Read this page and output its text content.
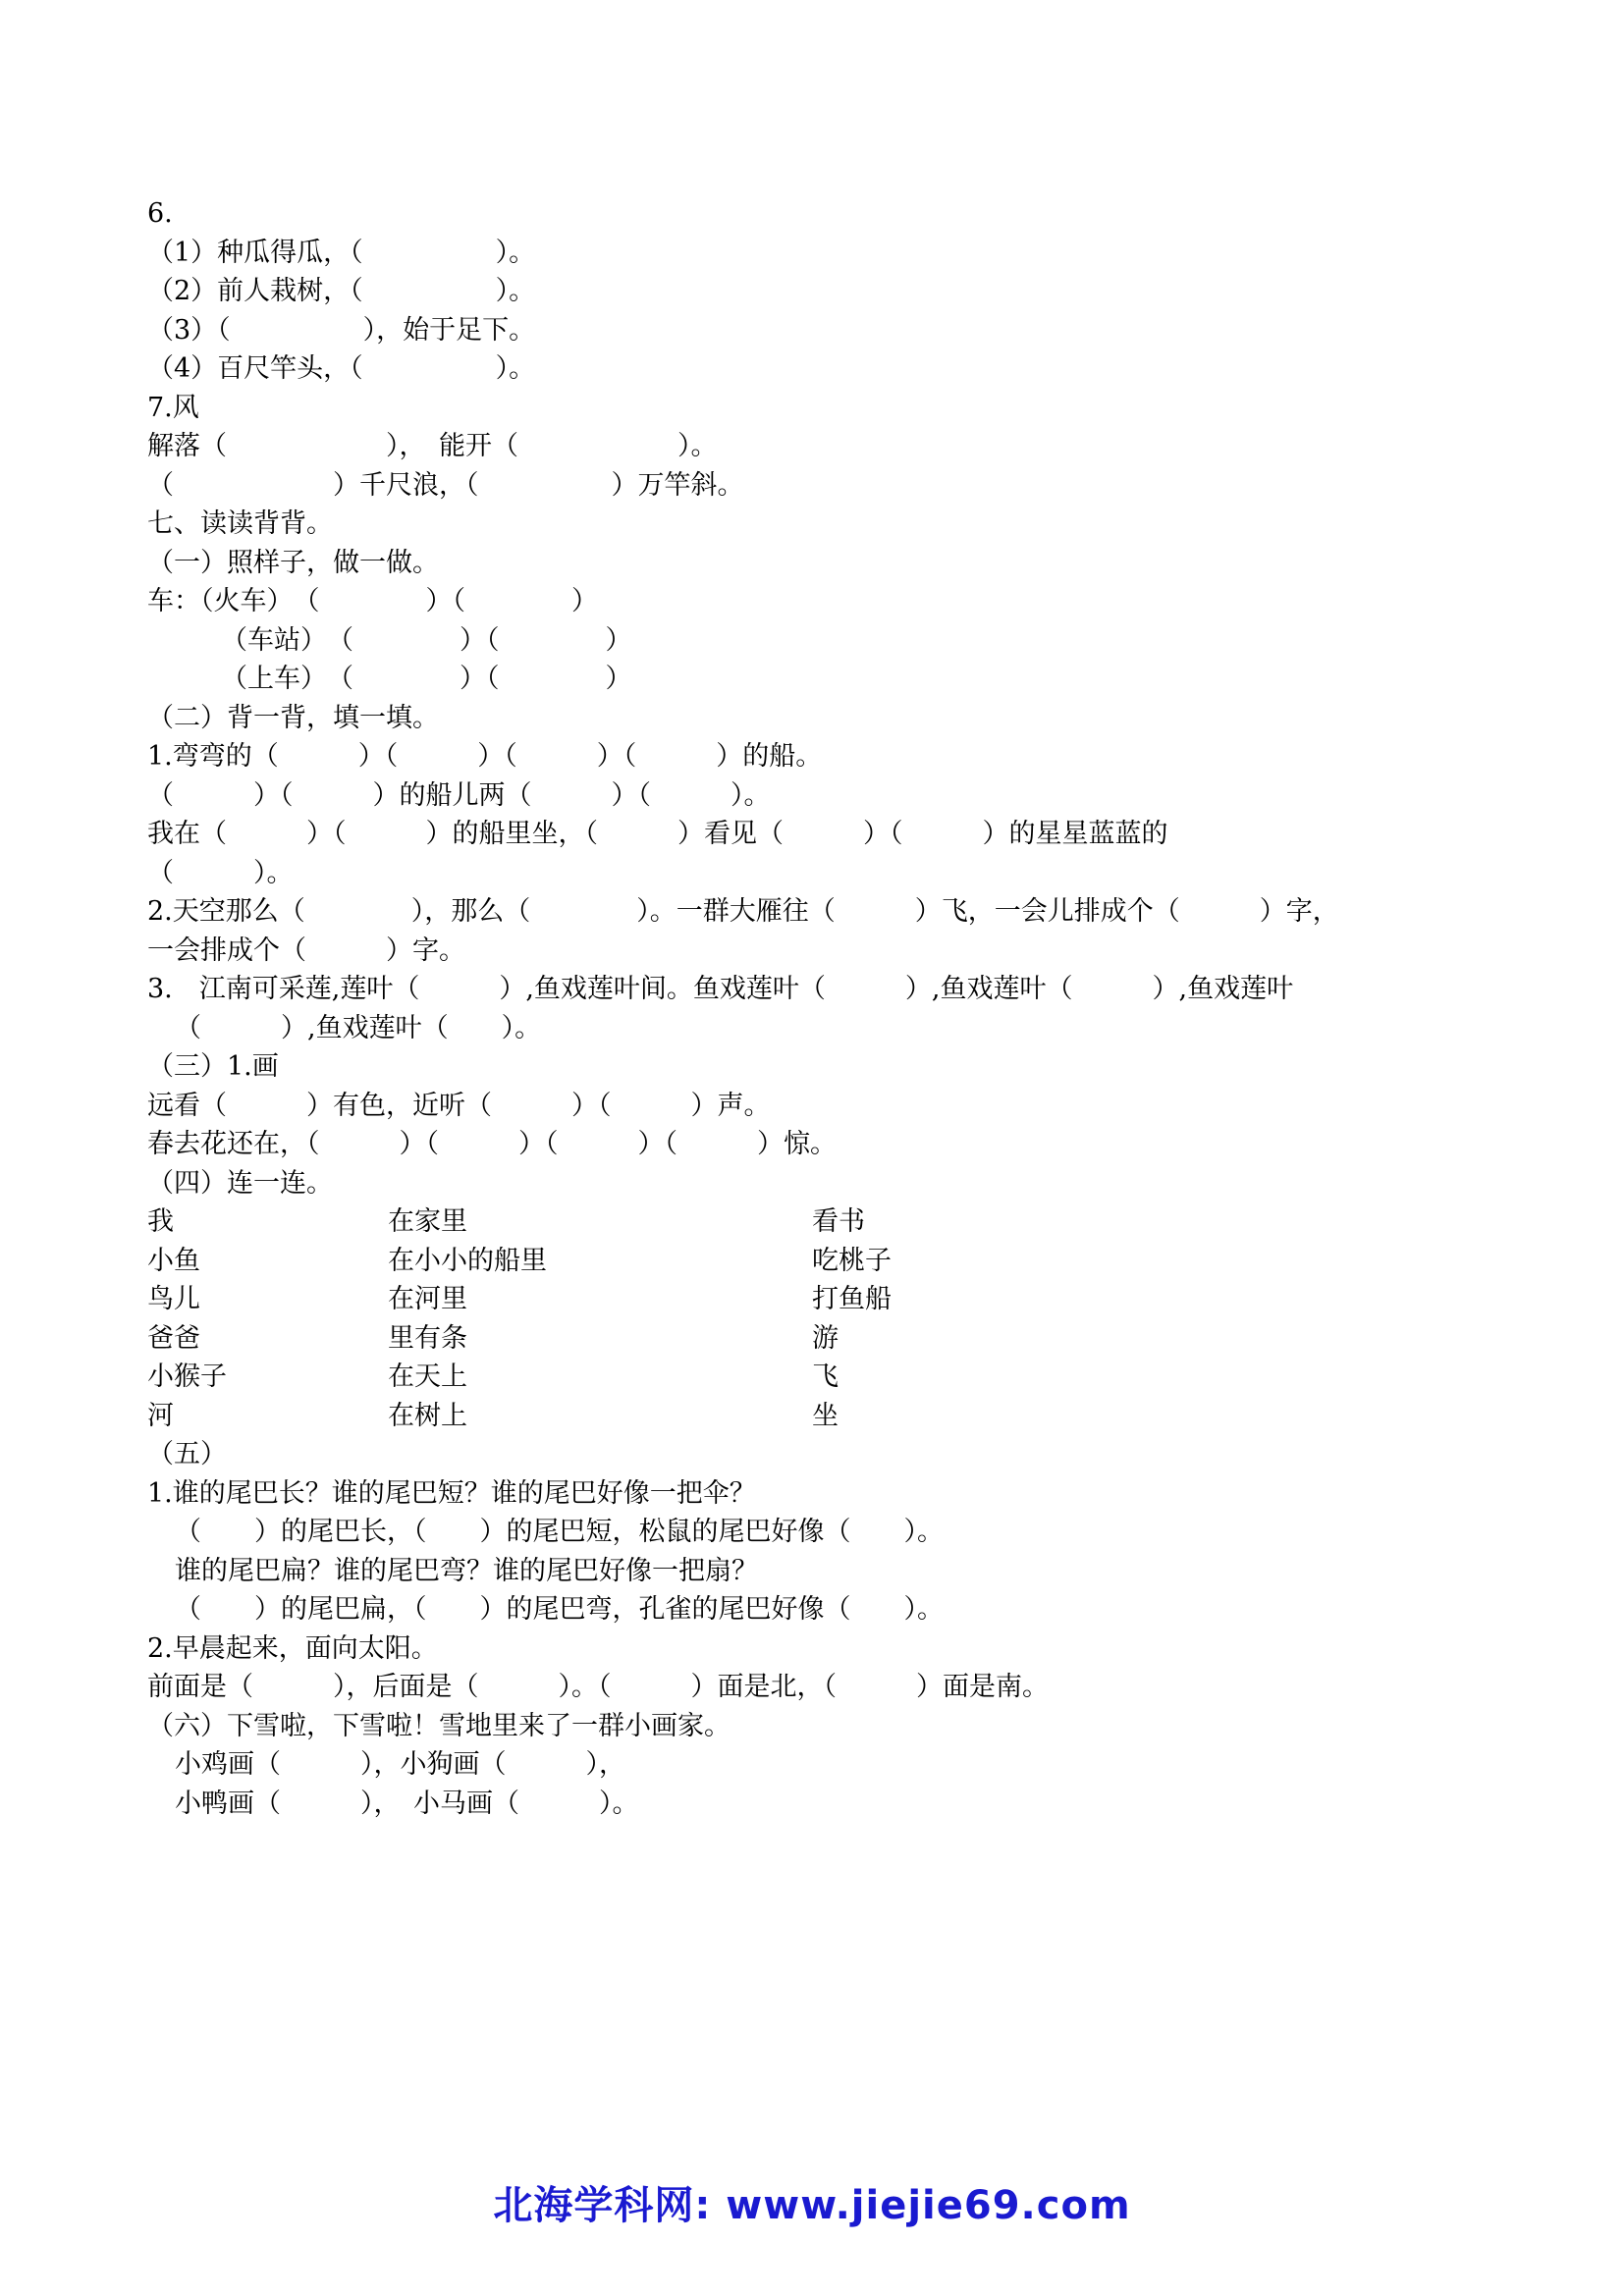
6.
（1）种瓜得瓜，（　　　　　）。
（2）前人栽树，（　　　　　）。
（3）（　　　　　），始于足下。
（4）百尺竿头，（　　　　　）。
7.风
解落（　　　　　　），　能开（　　　　　　）。
（　　　　　　）千尺浪，（　　　　　）万竿斜。
七、读读背背。
（一）照样子，做一做。
车：（火车）　（　　　　）（　　　　）
（车站）　（　　　　）（　　　　）
（上车）　（　　　　）（　　　　）
（二）背一背，填一填。
1.弯弯的（　　　）（　　　）（　　　）（　　　）的船。
（　　　）（　　　）的船儿两（　　　）（　　　）。
我在（　　　）（　　　）的船里坐，（　　　）看见（　　　）（　　　）的星星蓝蓝的
（　　　）。
2.天空那么（　　　　），那么（　　　　）。一群大雁往（　　　）飞，一会儿排成个（　　　）字，
一会排成个（　　　）字。
3.　江南可采莲,莲叶（　　　）,鱼戏莲叶间。鱼戏莲叶（　　　）,鱼戏莲叶（　　　）,鱼戏莲叶
（　　　）,鱼戏莲叶（　　）。
（三）1.画
远看（　　　）有色，近听（　　　）（　　　）声。
春去花还在，（　　　）（　　　）（　　　）（　　　）惊。
（四）连一连。
我	在家里	看书
小鱼	在小小的船里	吃桃子
鸟儿	在河里	打鱼船
爸爸	里有条	游
小猴子	在天上	飞
河	在树上	坐
（五）
1.谁的尾巴长？谁的尾巴短？谁的尾巴好像一把伞？
（　　）的尾巴长，（　　）的尾巴短，松鼠的尾巴好像（　　）。
谁的尾巴扁？谁的尾巴弯？谁的尾巴好像一把扇？
（　　）的尾巴扁，（　　）的尾巴弯，孔雀的尾巴好像（　　）。
2.早晨起来，面向太阳。
前面是（　　　），后面是（　　　）。（　　　）面是北，（　　　）面是南。
（六）下雪啦，下雪啦！雪地里来了一群小画家。
小鸡画（　　　），小狗画（　　　），
小鸭画（　　　），　小马画（　　　）。
北海学科网: www.jiejie69.com
